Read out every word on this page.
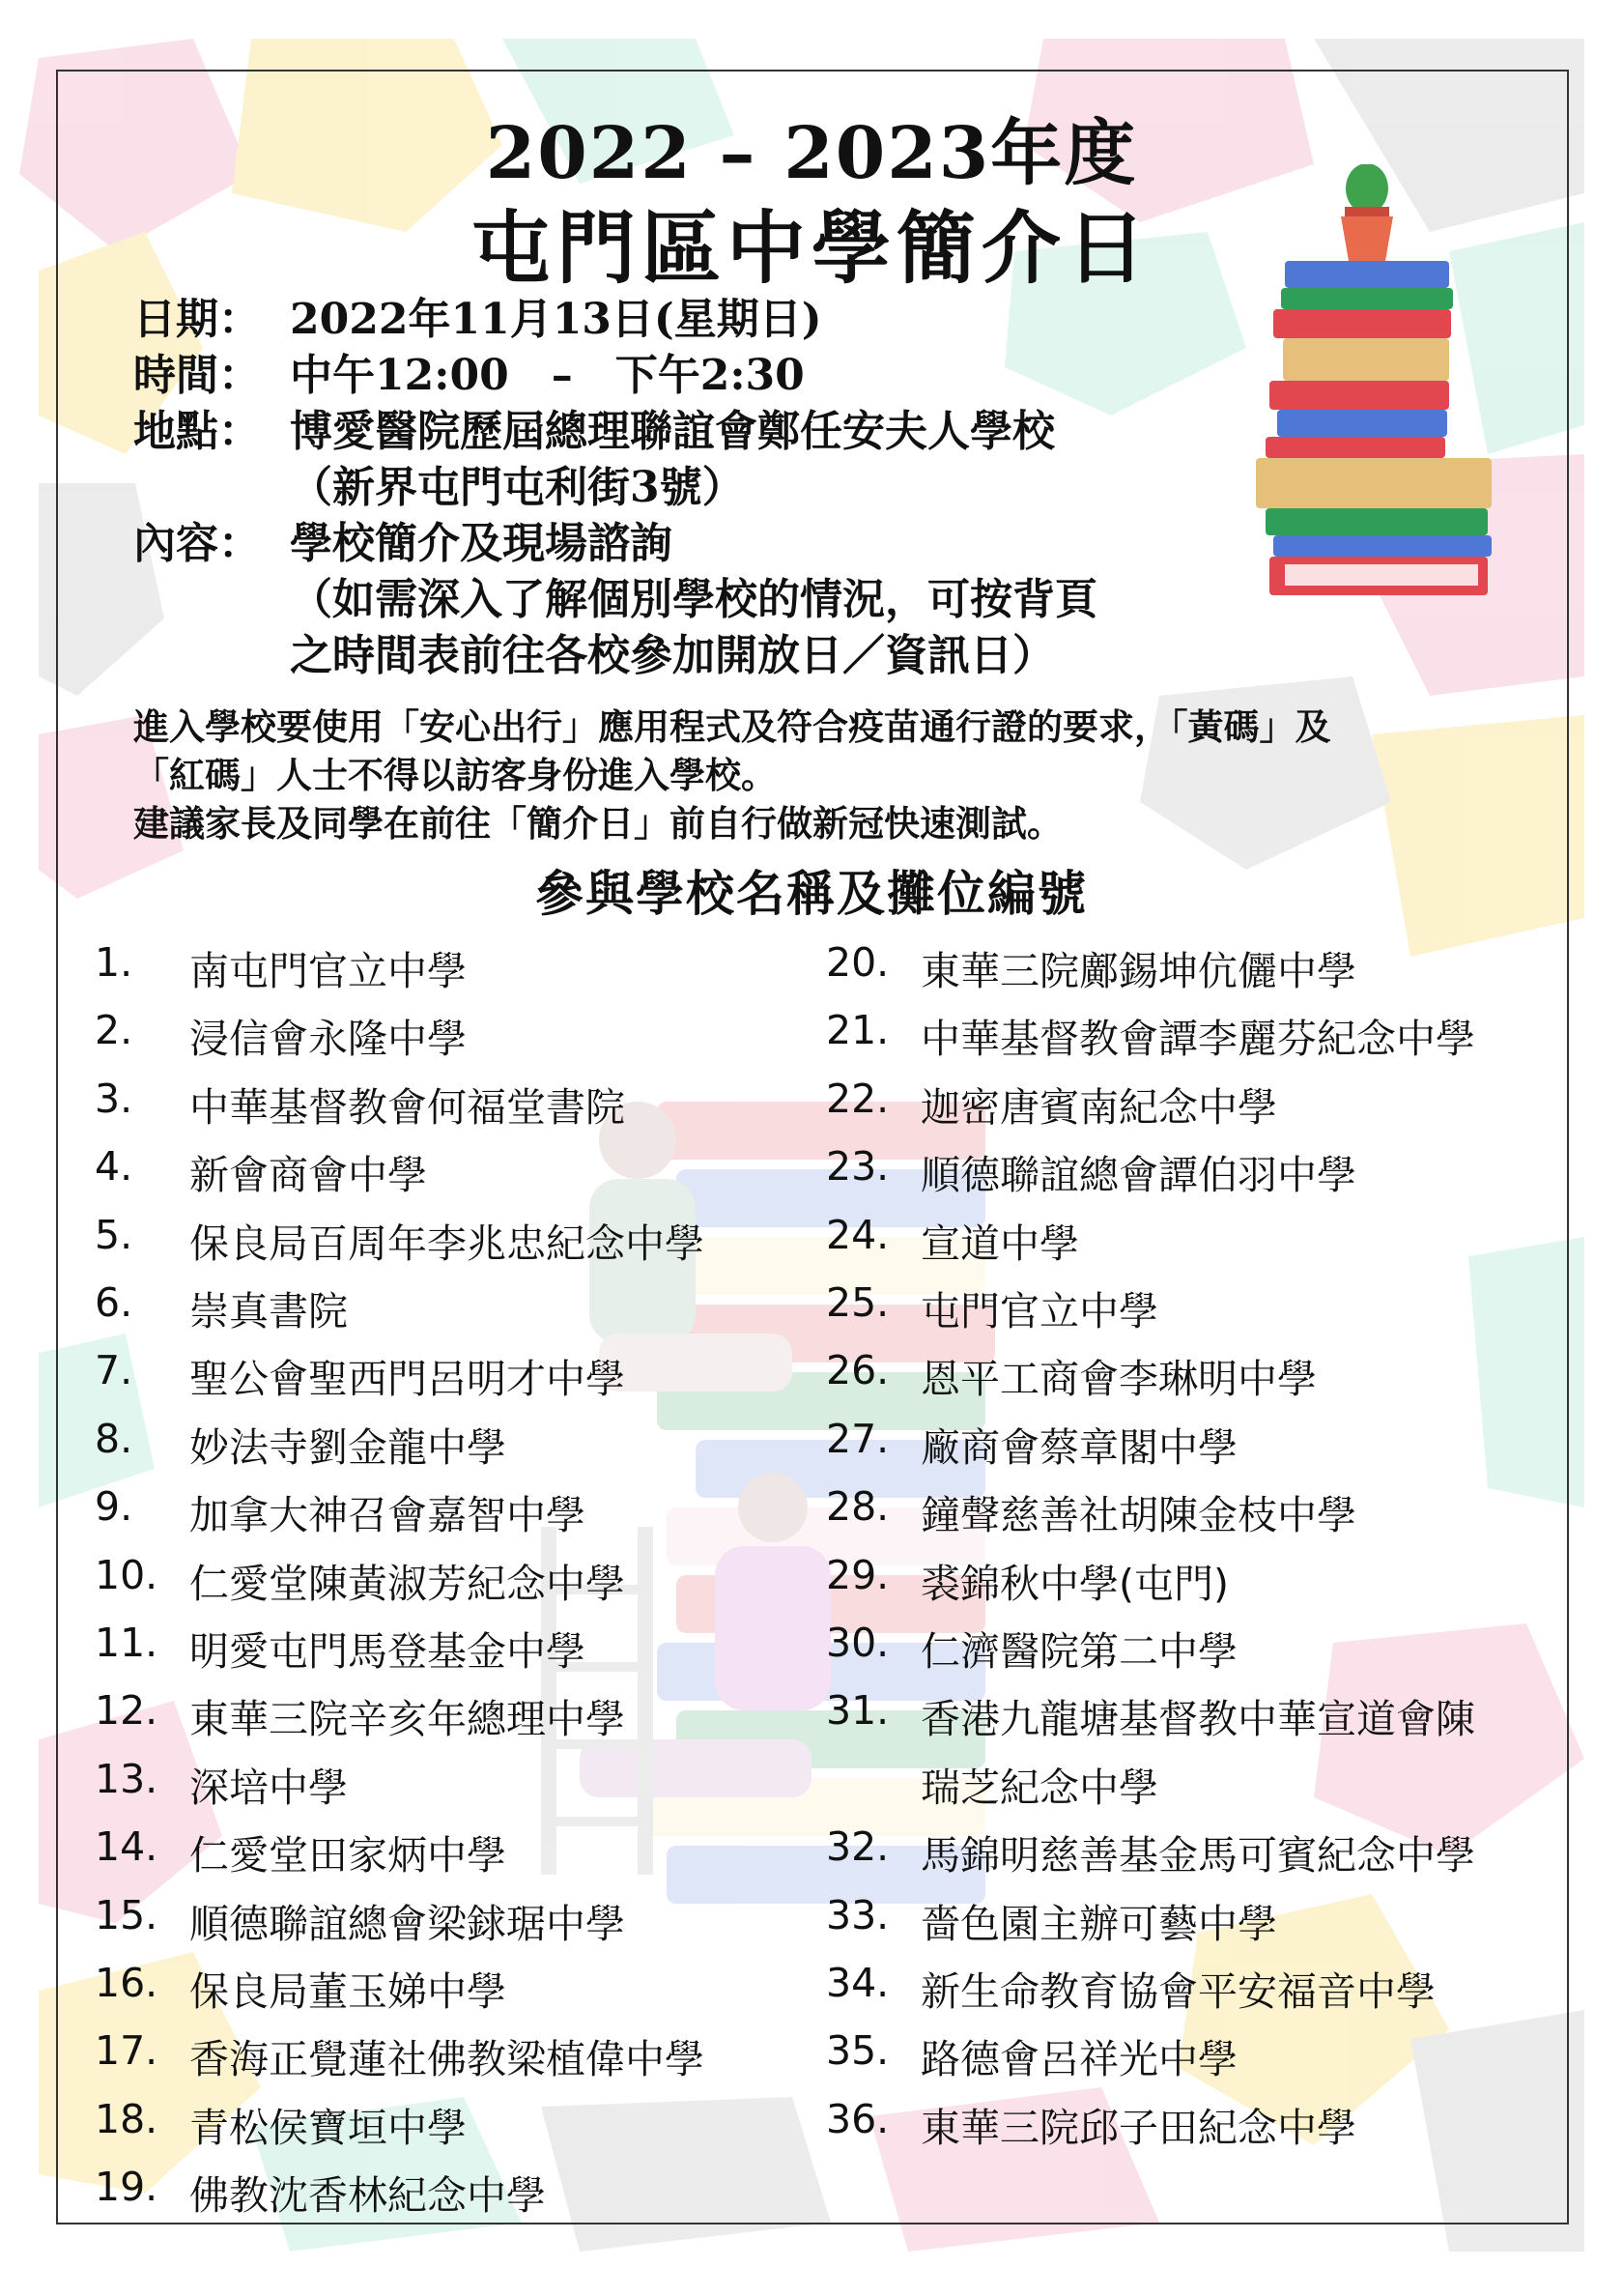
2022 – 2023年度
屯門區中學簡介日
日期： 2022年11月13日(星期日)
時間： 中午12:00　–　下午2:30
地點： 博愛醫院歷屆總理聯誼會鄭任安夫人學校
（新界屯門屯利街3號）
內容： 學校簡介及現場諮詢
（如需深入了解個別學校的情況，可按背頁
之時間表前往各校參加開放日／資訊日）
進入學校要使用「安心出行」應用程式及符合疫苗通行證的要求，「黃碼」及
「紅碼」人士不得以訪客身份進入學校。
建議家長及同學在前往「簡介日」前自行做新冠快速測試。
參與學校名稱及攤位編號
1.	南屯門官立中學
2.	浸信會永隆中學
3.	中華基督教會何福堂書院
4.	新會商會中學
5.	保良局百周年李兆忠紀念中學
6.	崇真書院
7.	聖公會聖西門呂明才中學
8.	妙法寺劉金龍中學
9.	加拿大神召會嘉智中學
10. 仁愛堂陳黃淑芳紀念中學
11. 明愛屯門馬登基金中學
12. 東華三院辛亥年總理中學
13. 深培中學
14. 仁愛堂田家炳中學
15. 順德聯誼總會梁銶琚中學
16. 保良局董玉娣中學
17. 香海正覺蓮社佛教梁植偉中學
18. 青松侯寶垣中學
19. 佛教沈香林紀念中學
20. 東華三院鄺錫坤伉儷中學
21. 中華基督教會譚李麗芬紀念中學
22. 迦密唐賓南紀念中學
23. 順德聯誼總會譚伯羽中學
24. 宣道中學
25. 屯門官立中學
26. 恩平工商會李琳明中學
27. 廠商會蔡章閣中學
28. 鐘聲慈善社胡陳金枝中學
29. 裘錦秋中學(屯門)
30. 仁濟醫院第二中學
31. 香港九龍塘基督教中華宣道會陳
瑞芝紀念中學
32. 馬錦明慈善基金馬可賓紀念中學
33. 嗇色園主辦可藝中學
34. 新生命教育協會平安福音中學
35. 路德會呂祥光中學
36. 東華三院邱子田紀念中學
